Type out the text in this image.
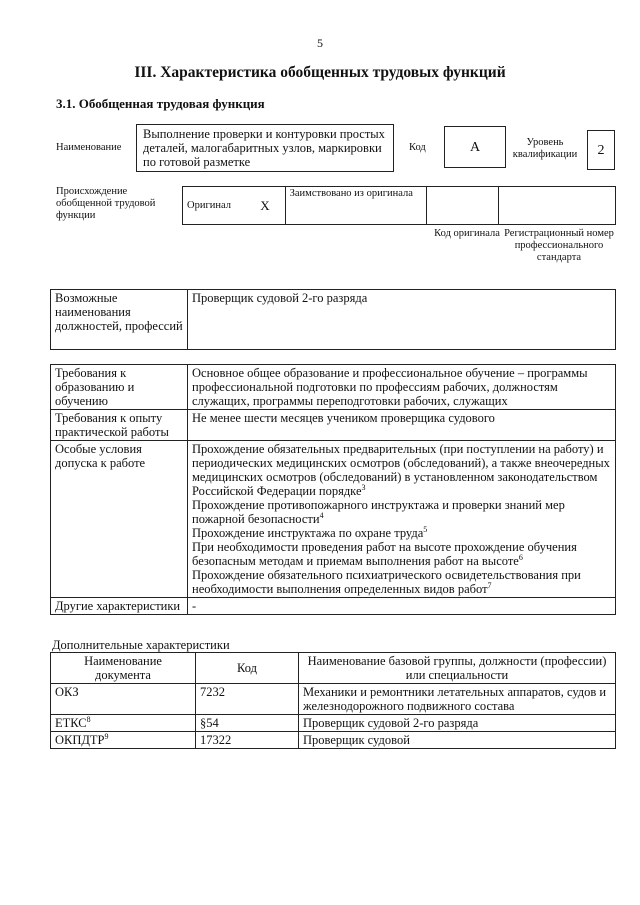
5
III. Характеристика обобщенных трудовых функций
3.1. Обобщенная трудовая функция
Наименование
Выполнение проверки и контуровки простых деталей, малогабаритных узлов, маркировки по готовой разметке
Код	А	Уровень квалификации	2
Происхождение обобщенной трудовой функции
Оригинал	Х	Заимствовано из оригинала		
Код оригинала Регистрационный номер профессионального стандарта
Возможные наименования должностей, профессий	Проверщик судовой 2-го разряда
Требования к образованию и обучению	Основное общее образование и профессиональное обучение – программы профессиональной подготовки по профессиям рабочих, должностям служащих, программы переподготовки рабочих, служащих
Требования к опыту практической работы	Не менее шести месяцев учеником проверщика судового
Особые условия допуска к работе	Прохождение обязательных предварительных (при поступлении на работу) и периодических медицинских осмотров (обследований), а также внеочередных медицинских осмотров (обследований) в установленном законодательством Российской Федерации порядке$^3$
Прохождение противопожарного инструктажа и проверки знаний мер пожарной безопасности$^4$
Прохождение инструктажа по охране труда$^5$
При необходимости проведения работ на высоте прохождение обучения безопасным методам и приемам выполнения работ на высоте$^6$
Прохождение обязательного психиатрического освидетельствования при необходимости выполнения определенных видов работ$^7$

Другие характеристики	-
Дополнительные характеристики
Наименование документа	Код	Наименование базовой группы, должности (профессии) или специальности
ОКЗ	7232	Механики и ремонтники летательных аппаратов, судов и железнодорожного подвижного состава
ЕТКС$^8$	§54	Проверщик судовой 2-го разряда
ОКПДТР$^9$	17322	Проверщик судовой
